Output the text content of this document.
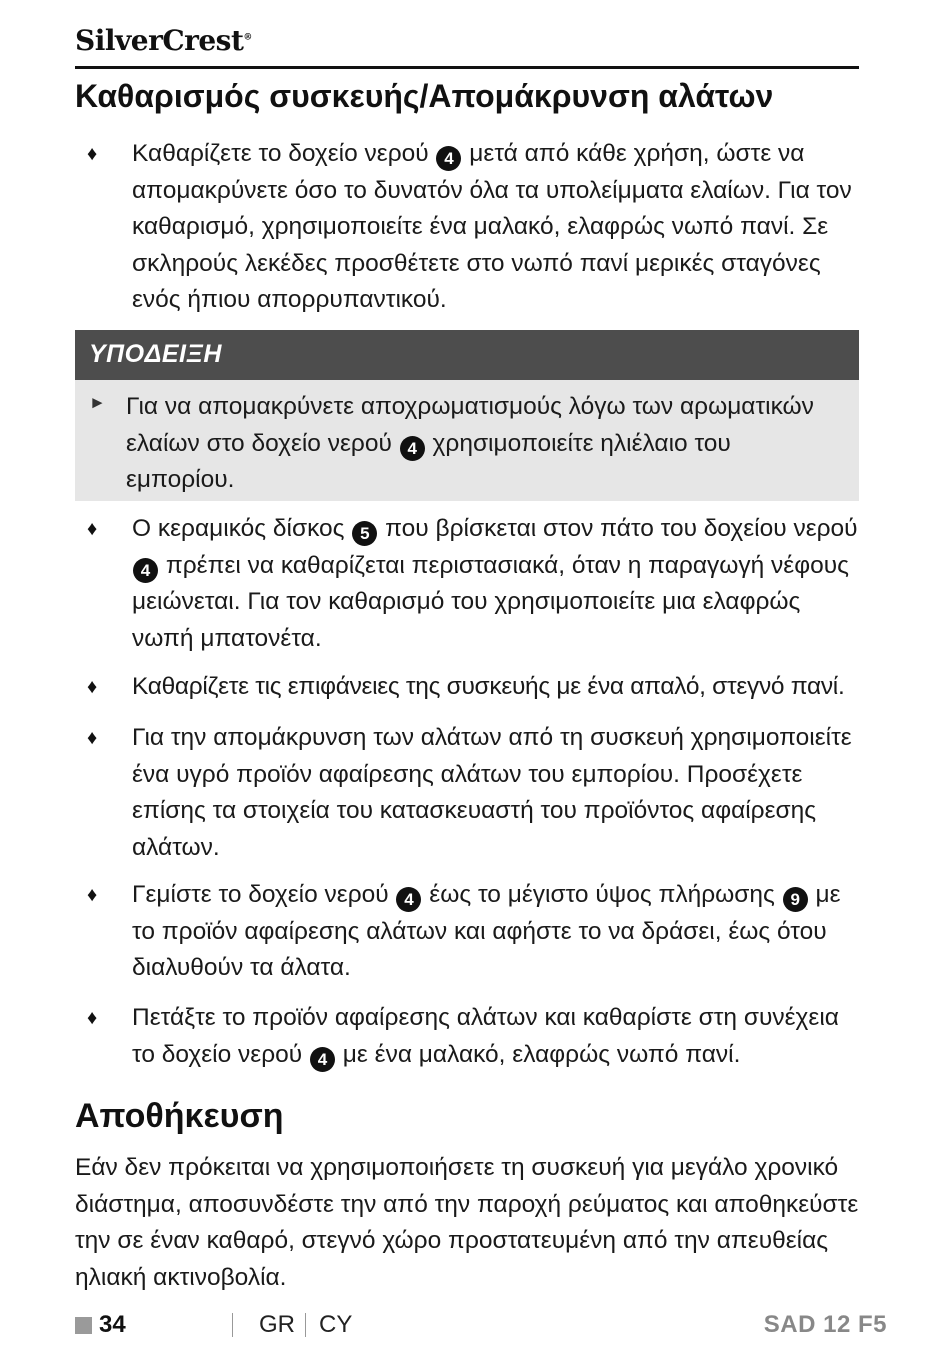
SilverCrest®
Καθαρισμός συσκευής/Απομάκρυνση αλάτων
♦ Καθαρίζετε το δοχείο νερού 4 μετά από κάθε χρήση, ώστε να απομακρύνετε όσο το δυνατόν όλα τα υπολείμματα ελαίων. Για τον καθαρισμό, χρησιμοποιείτε ένα μαλακό, ελαφρώς νωπό πανί. Σε σκληρούς λεκέδες προσθέτετε στο νωπό πανί μερικές σταγόνες ενός ήπιου απορρυπαντικού.

ΥΠΟΔΕΙΞΗ
► Για να απομακρύνετε αποχρωματισμούς λόγω των αρωματικών ελαίων στο δοχείο νερού 4 χρησιμοποιείτε ηλιέλαιο του εμπορίου.

♦ Ο κεραμικός δίσκος 5 που βρίσκεται στον πάτο του δοχείου νερού 4 πρέπει να καθαρίζεται περιστασιακά, όταν η παραγωγή νέφους μειώνεται. Για τον καθαρισμό του χρησιμοποιείτε μια ελαφρώς νωπή μπατονέτα.

♦ Καθαρίζετε τις επιφάνειες της συσκευής με ένα απαλό, στεγνό πανί.

♦ Για την απομάκρυνση των αλάτων από τη συσκευή χρησιμοποιείτε ένα υγρό προϊόν αφαίρεσης αλάτων του εμπορίου. Προσέχετε επίσης τα στοιχεία του κατασκευαστή του προϊόντος αφαίρεσης αλάτων.

♦ Γεμίστε το δοχείο νερού 4 έως το μέγιστο ύψος πλήρωσης 9 με το προϊόν αφαίρεσης αλάτων και αφήστε το να δράσει, έως ότου διαλυθούν τα άλατα.

♦ Πετάξτε το προϊόν αφαίρεσης αλάτων και καθαρίστε στη συνέχεια το δοχείο νερού 4 με ένα μαλακό, ελαφρώς νωπό πανί.

Αποθήκευση

Εάν δεν πρόκειται να χρησιμοποιήσετε τη συσκευή για μεγάλο χρονικό διάστημα, αποσυνδέστε την από την παροχή ρεύματος και αποθηκεύστε την σε έναν καθαρό, στεγνό χώρο προστατευμένη από την απευθείας ηλιακή ακτινοβολία.

34	GR CY	SAD 12 F5
